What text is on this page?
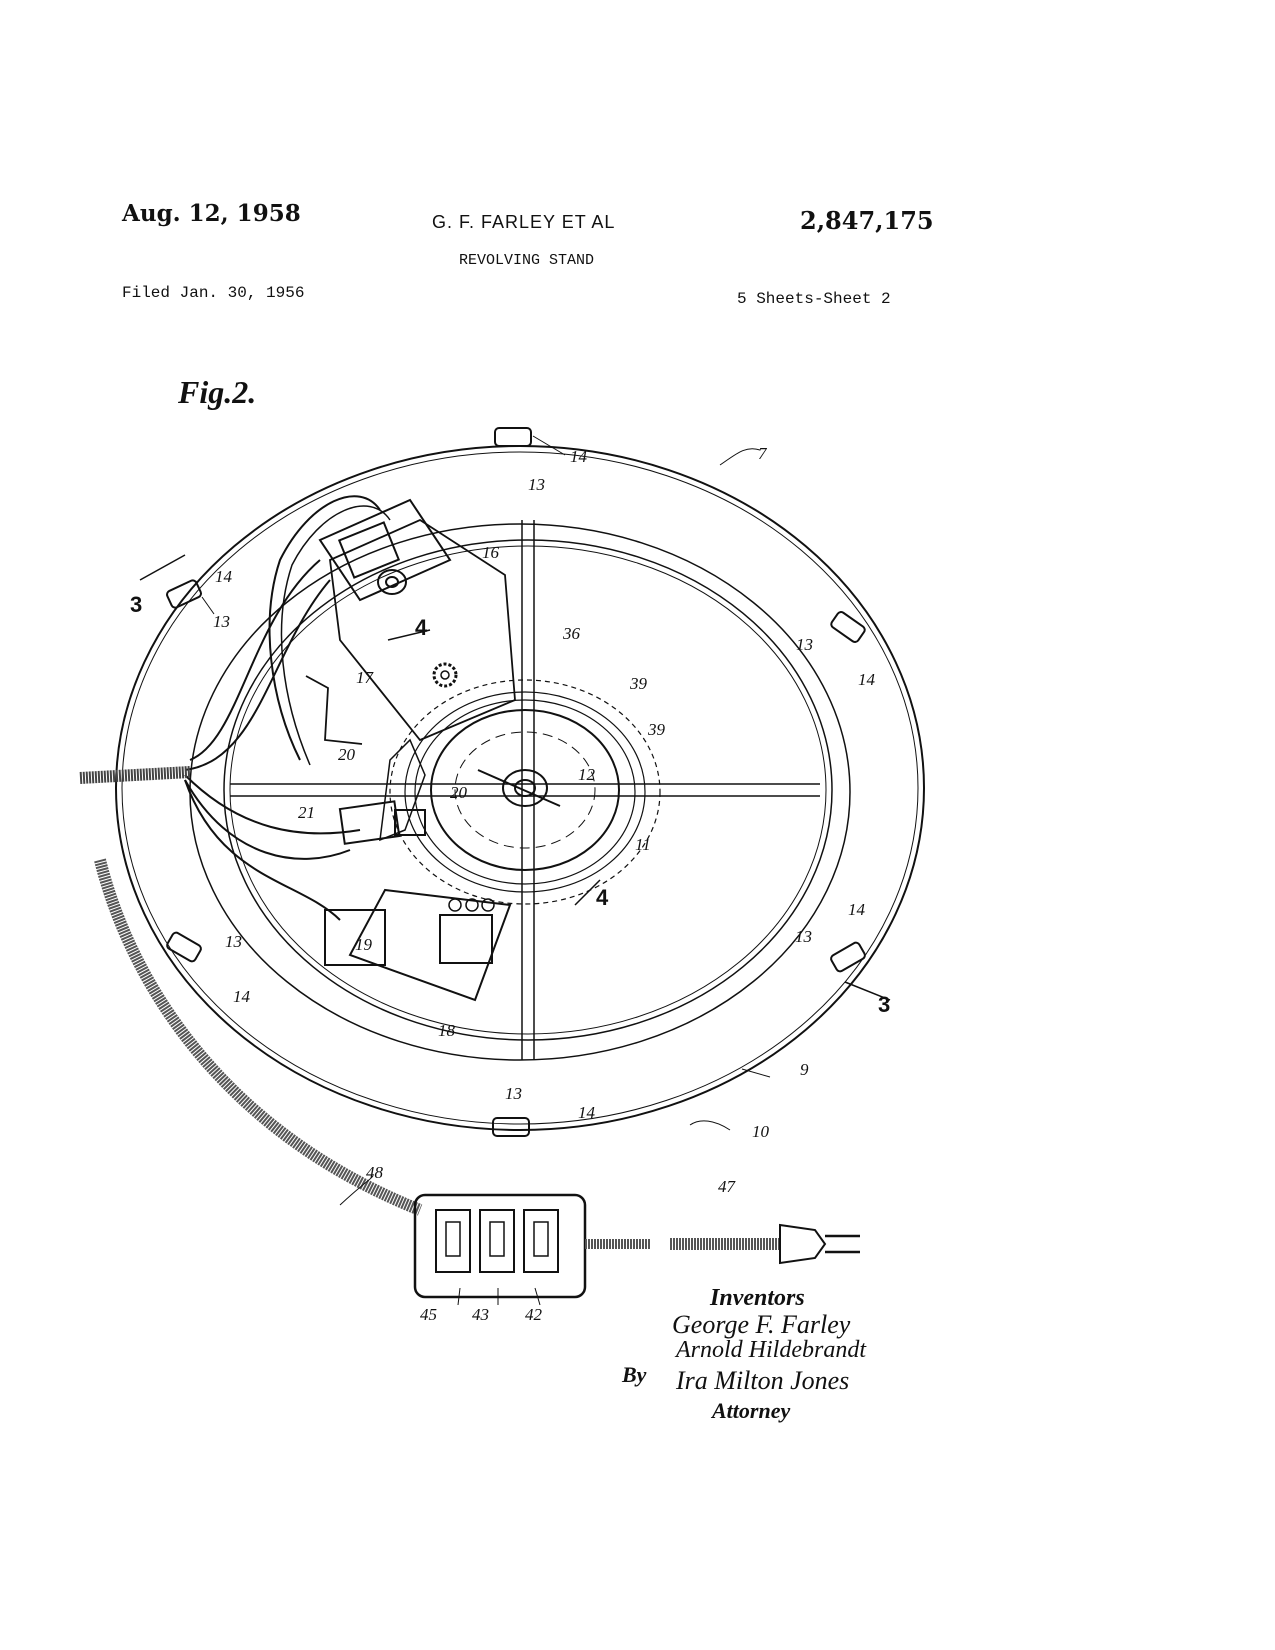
Aug. 12, 1958	G. F. FARLEY ET AL	2,847,175
REVOLVING STAND
Filed Jan. 30, 1956	5 Sheets-Sheet 2
Fig.2.
7
14
13
16
14
13
13
14
36
17	39
39
20
20
12
21
11
19
13
14
14
13
18
9
13
14
10
48
47
45 43 42
3
3
4
4
Inventors
George F. Farley
Arnold Hildebrandt
By Ira Milton Jones
Attorney
